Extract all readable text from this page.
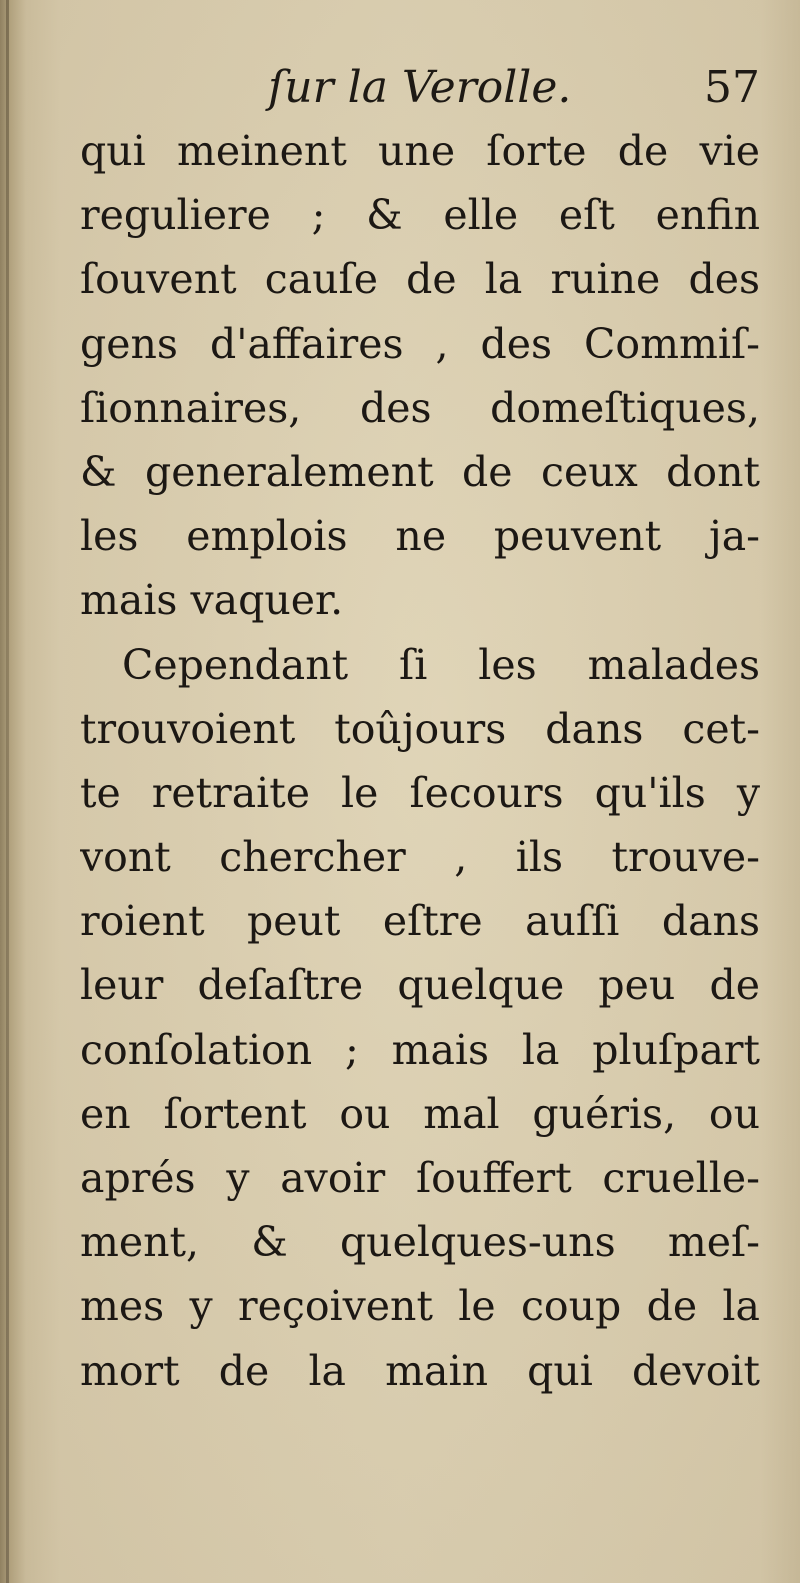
ſur la Verolle.	57
qui meinent une ſorte de vie
reguliere ; & elle eſt enfin
ſouvent cauſe de la ruine des
gens d'affaires , des Commiſ-
ſionnaires, des domeſtiques,
& generalement de ceux dont
les emplois ne peuvent ja-
mais vaquer.
Cependant ſi les malades
trouvoient toûjours dans cet-
te retraite le ſecours qu'ils y
vont chercher , ils trouve-
roient peut eſtre auſſi dans
leur deſaſtre quelque peu de
conſolation ; mais la pluſpart
en ſortent ou mal guéris, ou
aprés y avoir ſouffert cruelle-
ment, & quelques-uns meſ-
mes y reçoivent le coup de la
mort de la main qui devoit
